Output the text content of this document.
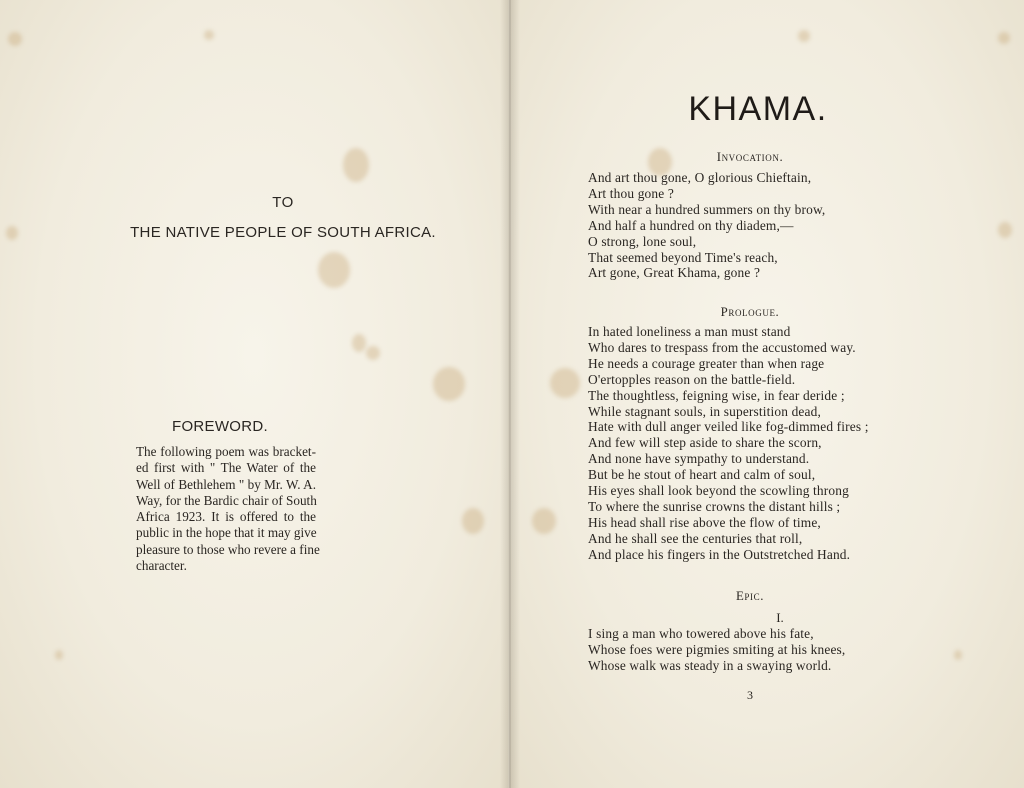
TO
THE NATIVE PEOPLE OF SOUTH AFRICA.
FOREWORD.
The following poem was bracket-
ed first with " The Water of the
Well of Bethlehem " by Mr. W. A.
Way, for the Bardic chair of South
Africa 1923. It is offered to the
public in the hope that it may give
pleasure to those who revere a fine
character.
KHAMA.
Invocation.
And art thou gone, O glorious Chieftain,
Art thou gone ?
With near a hundred summers on thy brow,
And half a hundred on thy diadem,—
O strong, lone soul,
That seemed beyond Time's reach,
Art gone, Great Khama, gone ?
Prologue.
In hated loneliness a man must stand
Who dares to trespass from the accustomed way.
He needs a courage greater than when rage
O'ertopples reason on the battle-field.
The thoughtless, feigning wise, in fear deride ;
While stagnant souls, in superstition dead,
Hate with dull anger veiled like fog-dimmed fires ;
And few will step aside to share the scorn,
And none have sympathy to understand.
But be he stout of heart and calm of soul,
His eyes shall look beyond the scowling throng
To where the sunrise crowns the distant hills ;
His head shall rise above the flow of time,
And he shall see the centuries that roll,
And place his fingers in the Outstretched Hand.
Epic.
I.
I sing a man who towered above his fate,
Whose foes were pigmies smiting at his knees,
Whose walk was steady in a swaying world.
3
